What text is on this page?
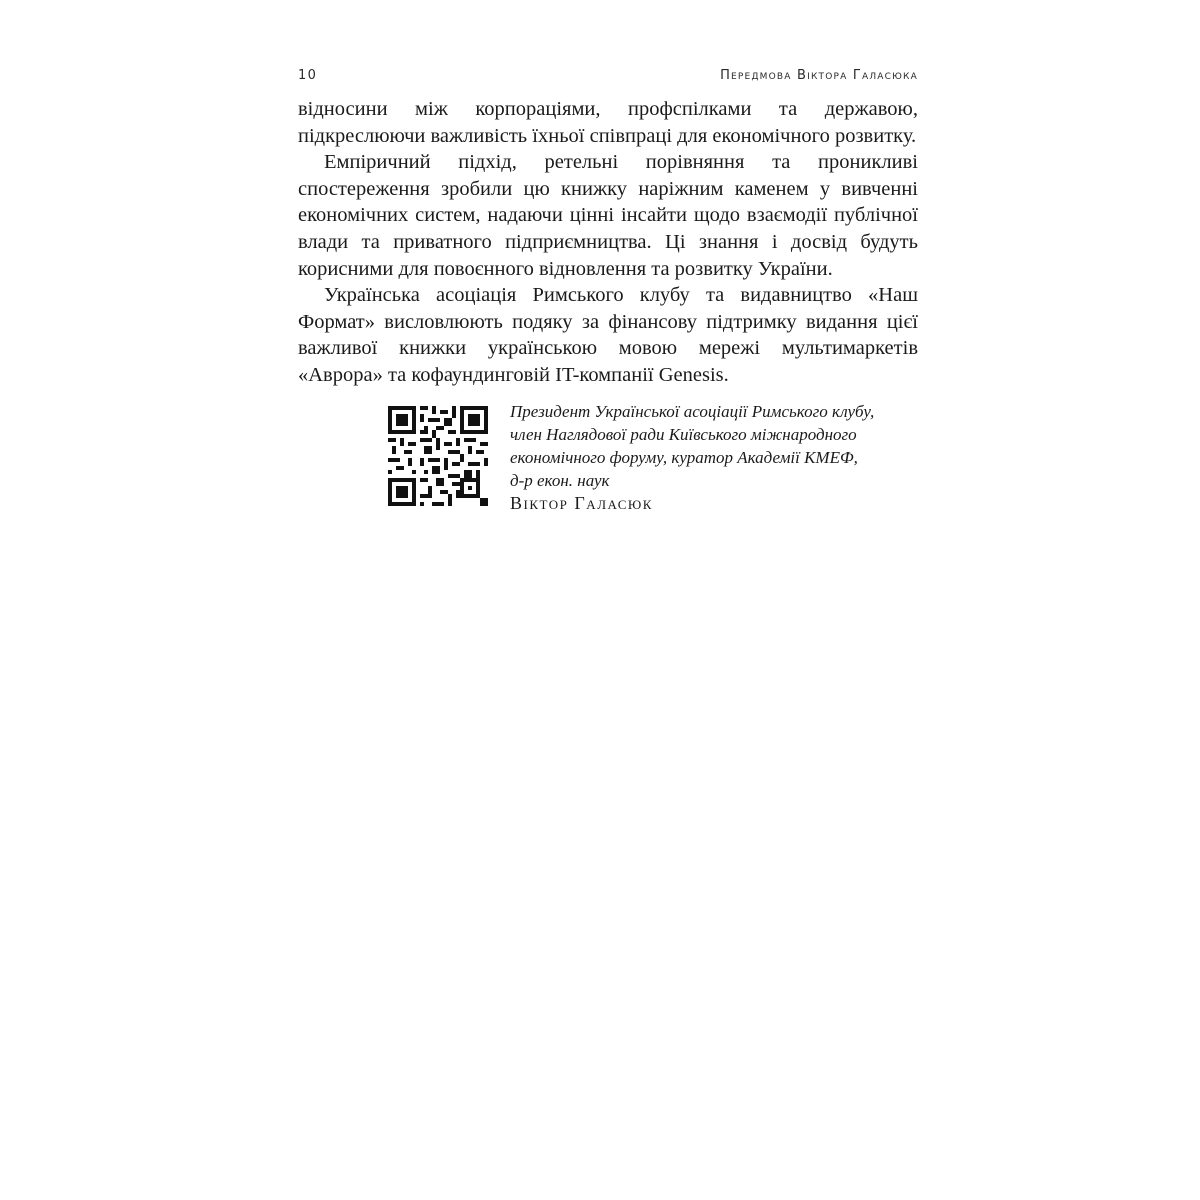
10	Передмова Віктора Галасюка

відносини між корпораціями, профспілками та державою, підкреслюючи важливість їхньої співпраці для економічного розвитку.

Емпіричний підхід, ретельні порівняння та проникливі спостереження зробили цю книжку наріжним каменем у вивченні економічних систем, надаючи цінні інсайти щодо взаємодії публічної влади та приватного підприємництва. Ці знання і досвід будуть корисними для повоєнного відновлення та розвитку України.

Українська асоціація Римського клубу та видавництво «Наш Формат» висловлюють подяку за фінансову підтримку видання цієї важливої книжки українською мовою мережі мультимаркетів «Аврора» та кофаундинговій IT-компанії Genesis.

Президент Української асоціації Римського клубу,
член Наглядової ради Київського міжнародного
економічного форуму, куратор Академії КМЕФ,
д-р екон. наук
Віктор Галасюк
